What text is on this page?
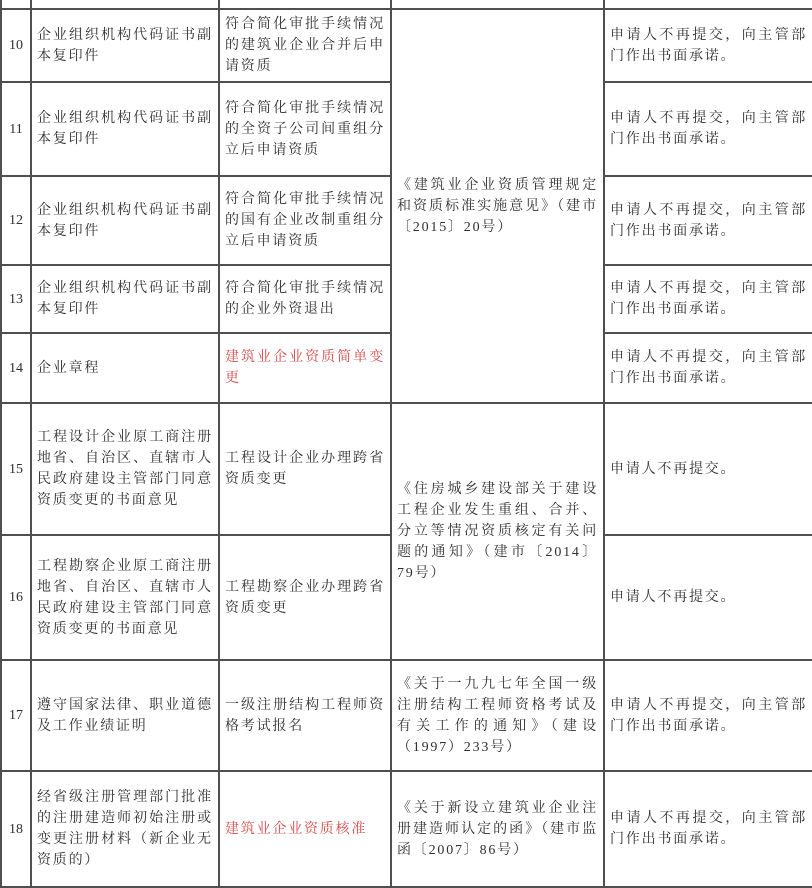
10	企业组织机构代码证书副本复印件	符合简化审批手续情况的建筑业企业合并后申请资质	《建筑业企业资质管理规定和资质标准实施意见》（建市〔2015〕20号）	申请人不再提交，向主管部门作出书面承诺。
11	企业组织机构代码证书副本复印件	符合简化审批手续情况的全资子公司间重组分立后申请资质		申请人不再提交，向主管部门作出书面承诺。
12	企业组织机构代码证书副本复印件	符合简化审批手续情况的国有企业改制重组分立后申请资质		申请人不再提交，向主管部门作出书面承诺。
13	企业组织机构代码证书副本复印件	符合简化审批手续情况的企业外资退出		申请人不再提交，向主管部门作出书面承诺。
14	企业章程	建筑业企业资质简单变更		申请人不再提交，向主管部门作出书面承诺。
15	工程设计企业原工商注册地省、自治区、直辖市人民政府建设主管部门同意资质变更的书面意见	工程设计企业办理跨省资质变更	《住房城乡建设部关于建设工程企业发生重组、合并、分立等情况资质核定有关问题的通知》（建市〔2014〕79号）	申请人不再提交。
16	工程勘察企业原工商注册地省、自治区、直辖市人民政府建设主管部门同意资质变更的书面意见	工程勘察企业办理跨省资质变更		申请人不再提交。
17	遵守国家法律、职业道德及工作业绩证明	一级注册结构工程师资格考试报名	《关于一九九七年全国一级注册结构工程师资格考试及有关工作的通知》（建设（1997）233号）	申请人不再提交，向主管部门作出书面承诺。
18	经省级注册管理部门批准的注册建造师初始注册或变更注册材料（新企业无资质的）	建筑业企业资质核准	《关于新设立建筑业企业注册建造师认定的函》（建市监函〔2007〕86号）	申请人不再提交，向主管部门作出书面承诺。
